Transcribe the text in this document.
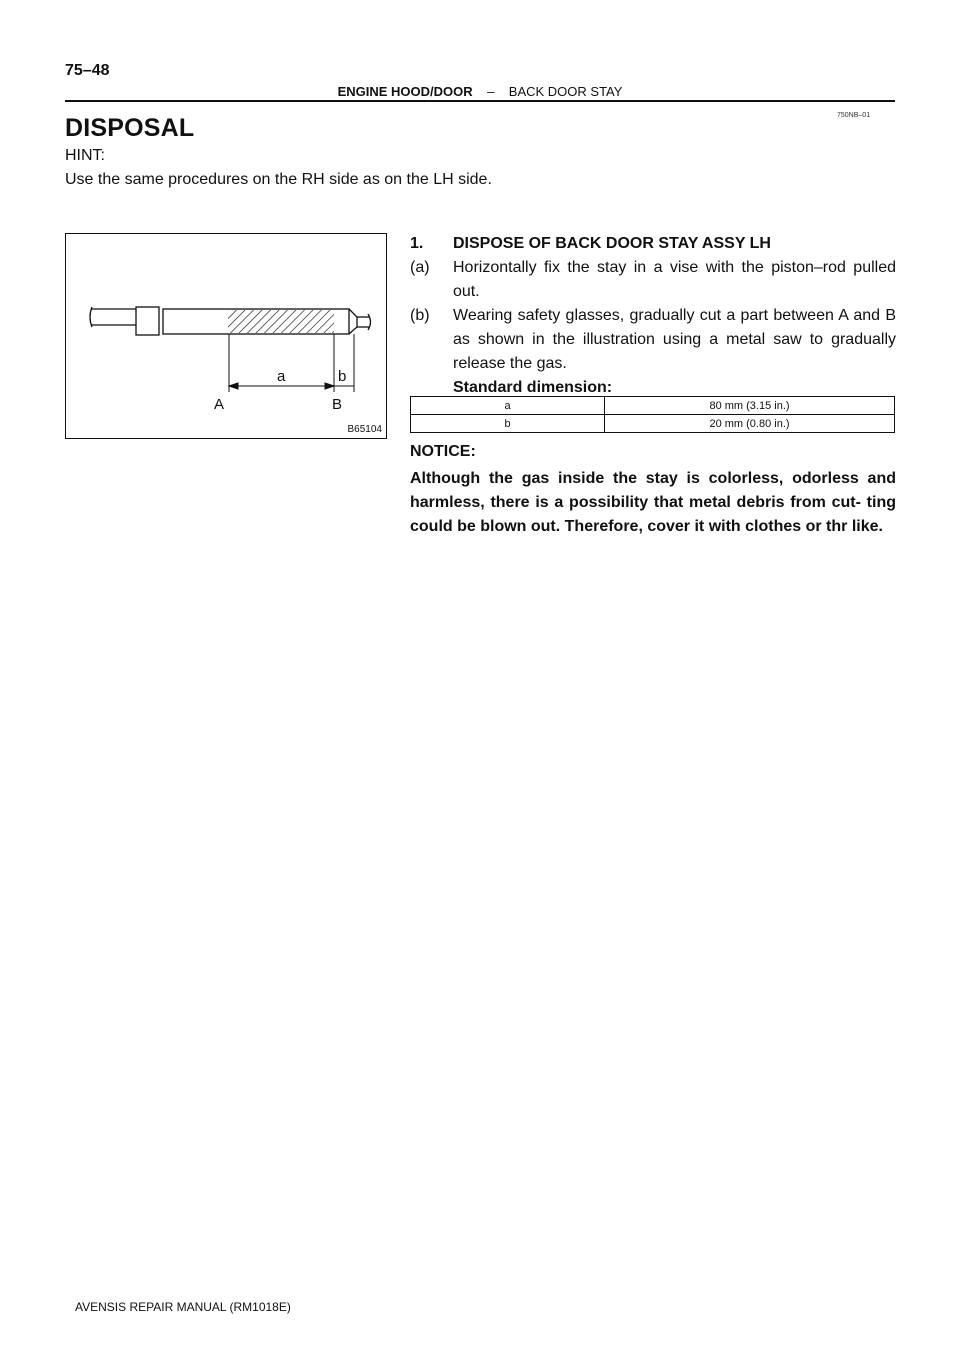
75–48
ENGINE HOOD/DOOR – BACK DOOR STAY
750NB–01
DISPOSAL
HINT:
Use the same procedures on the RH side as on the LH side.
a	b
A	B
B65104
1. DISPOSE OF BACK DOOR STAY ASSY LH
(a) Horizontally fix the stay in a vise with the piston–rod pulled out.
(b) Wearing safety glasses, gradually cut a part between A and B as shown in the illustration using a metal saw to gradually release the gas.
Standard dimension:
a	80 mm (3.15 in.)
b	20 mm (0.80 in.)
NOTICE:
Although the gas inside the stay is colorless, odorless and harmless, there is a possibility that metal debris from cut- ting could be blown out. Therefore, cover it with clothes or thr like.
AVENSIS REPAIR MANUAL (RM1018E)
